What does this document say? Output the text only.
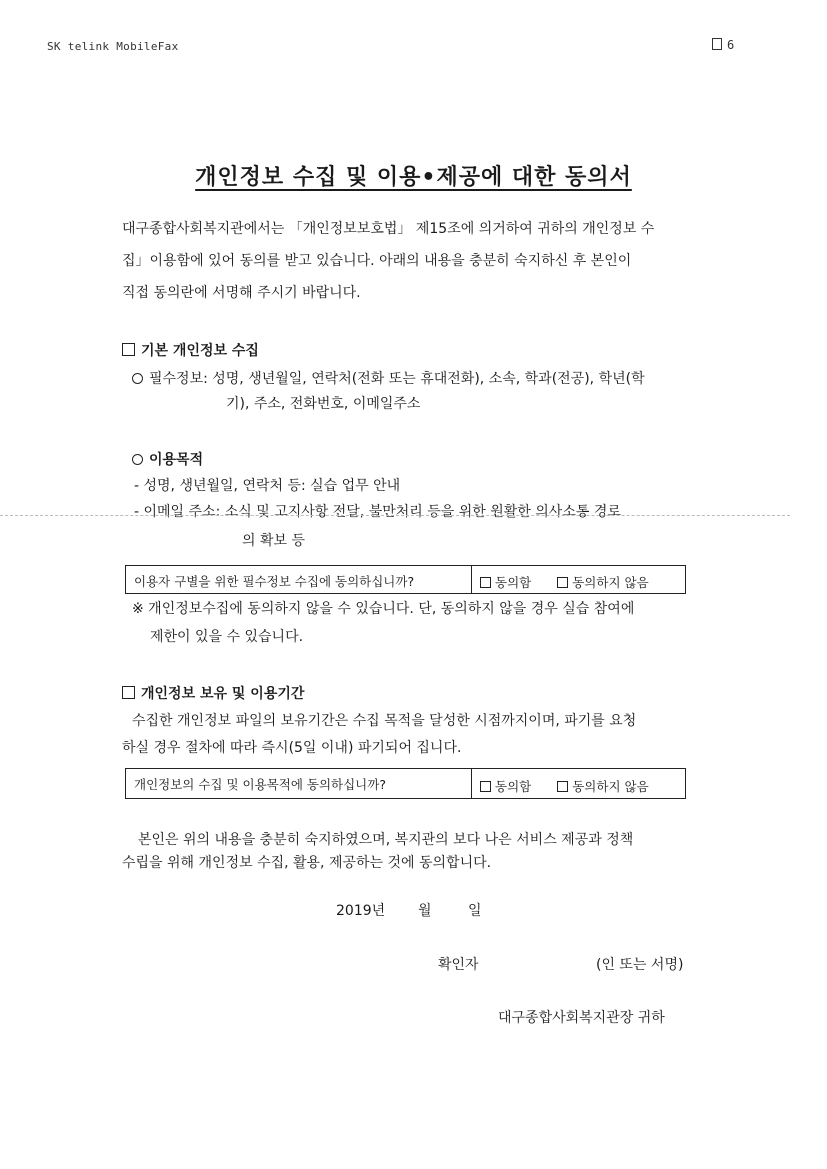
SK telink MobileFax	6
개인정보 수집 및 이용•제공에 대한 동의서
대구종합사회복지관에서는 「개인정보보호법」 제15조에 의거하여 귀하의 개인정보 수
집」이용함에 있어 동의를 받고 있습니다. 아래의 내용을 충분히 숙지하신 후 본인이
직접 동의란에 서명해 주시기 바랍니다.
기본 개인정보 수집
필수정보: 성명, 생년월일, 연락처(전화 또는 휴대전화), 소속, 학과(전공), 학년(학
기), 주소, 전화번호, 이메일주소
이용목적
- 성명, 생년월일, 연락처 등: 실습 업무 안내
- 이메일 주소: 소식 및 고지사항 전달, 불만처리 등을 위한 원활한 의사소통 경로
의 확보 등
이용자 구별을 위한 필수정보 수집에 동의하십니까?	동의함	동의하지 않음
※ 개인정보수집에 동의하지 않을 수 있습니다. 단, 동의하지 않을 경우 실습 참여에
제한이 있을 수 있습니다.
개인정보 보유 및 이용기간
수집한 개인정보 파일의 보유기간은 수집 목적을 달성한 시점까지이며, 파기를 요청
하실 경우 절차에 따라 즉시(5일 이내) 파기되어 집니다.
개인정보의 수집 및 이용목적에 동의하십니까?	동의함	동의하지 않음
본인은 위의 내용을 충분히 숙지하였으며, 복지관의 보다 나은 서비스 제공과 정책
수립을 위해 개인정보 수집, 활용, 제공하는 것에 동의합니다.
2019년 월	일
확인자	(인 또는 서명)
대구종합사회복지관장 귀하
